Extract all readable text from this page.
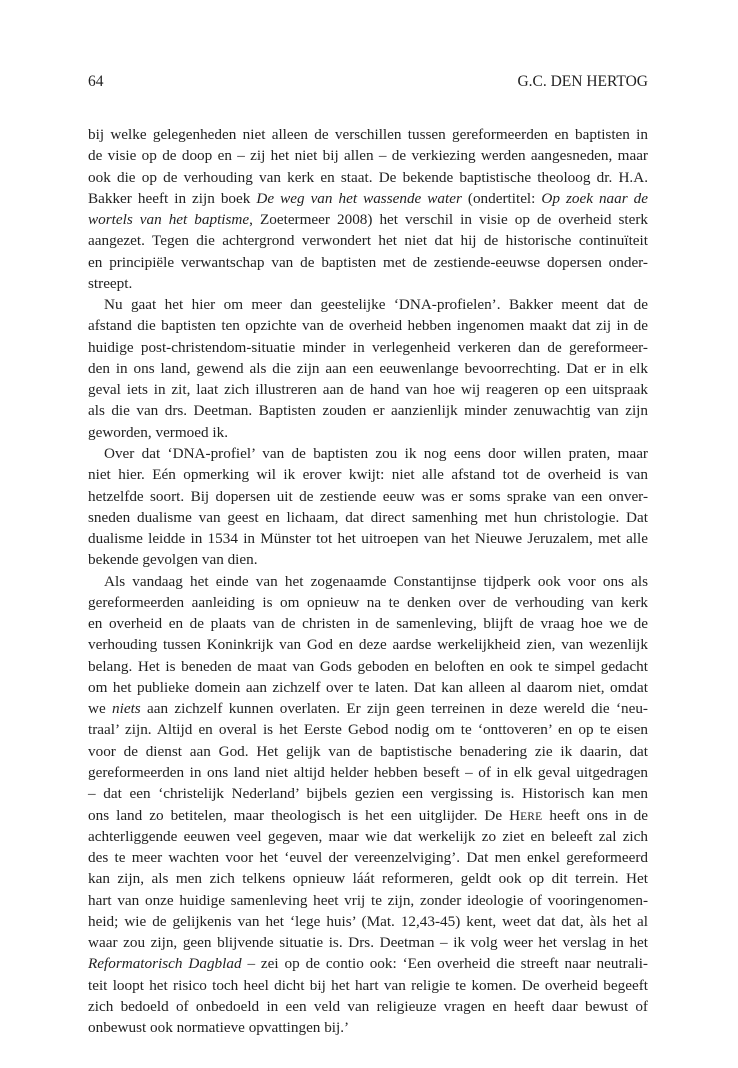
64	G.C. DEN HERTOG
bij welke gelegenheden niet alleen de verschillen tussen gereformeerden en baptisten in
de visie op de doop en – zij het niet bij allen – de verkiezing werden aangesneden, maar
ook die op de verhouding van kerk en staat. De bekende baptistische theoloog dr. H.A.
Bakker heeft in zijn boek De weg van het wassende water (ondertitel: Op zoek naar de
wortels van het baptisme, Zoetermeer 2008) het verschil in visie op de overheid sterk
aangezet. Tegen die achtergrond verwondert het niet dat hij de historische continuïteit
en principiële verwantschap van de baptisten met de zestiende-eeuwse dopersen onder-
streept.
Nu gaat het hier om meer dan geestelijke ‘DNA-profielen’. Bakker meent dat de
afstand die baptisten ten opzichte van de overheid hebben ingenomen maakt dat zij in de
huidige post-christendom-situatie minder in verlegenheid verkeren dan de gereformeer-
den in ons land, gewend als die zijn aan een eeuwenlange bevoorrechting. Dat er in elk
geval iets in zit, laat zich illustreren aan de hand van hoe wij reageren op een uitspraak
als die van drs. Deetman. Baptisten zouden er aanzienlijk minder zenuwachtig van zijn
geworden, vermoed ik.
Over dat ‘DNA-profiel’ van de baptisten zou ik nog eens door willen praten, maar
niet hier. Eén opmerking wil ik erover kwijt: niet alle afstand tot de overheid is van
hetzelfde soort. Bij dopersen uit de zestiende eeuw was er soms sprake van een onver-
sneden dualisme van geest en lichaam, dat direct samenhing met hun christologie. Dat
dualisme leidde in 1534 in Münster tot het uitroepen van het Nieuwe Jeruzalem, met alle
bekende gevolgen van dien.
Als vandaag het einde van het zogenaamde Constantijnse tijdperk ook voor ons als
gereformeerden aanleiding is om opnieuw na te denken over de verhouding van kerk
en overheid en de plaats van de christen in de samenleving, blijft de vraag hoe we de
verhouding tussen Koninkrijk van God en deze aardse werkelijkheid zien, van wezenlijk
belang. Het is beneden de maat van Gods geboden en beloften en ook te simpel gedacht
om het publieke domein aan zichzelf over te laten. Dat kan alleen al daarom niet, omdat
we niets aan zichzelf kunnen overlaten. Er zijn geen terreinen in deze wereld die ‘neu-
traal’ zijn. Altijd en overal is het Eerste Gebod nodig om te ‘onttoveren’ en op te eisen
voor de dienst aan God. Het gelijk van de baptistische benadering zie ik daarin, dat
gereformeerden in ons land niet altijd helder hebben beseft – of in elk geval uitgedragen
– dat een ‘christelijk Nederland’ bijbels gezien een vergissing is. Historisch kan men
ons land zo betitelen, maar theologisch is het een uitglijder. De HERE heeft ons in de
achterliggende eeuwen veel gegeven, maar wie dat werkelijk zo ziet en beleeft zal zich
des te meer wachten voor het ‘euvel der vereenzelviging’. Dat men enkel gereformeerd
kan zijn, als men zich telkens opnieuw láát reformeren, geldt ook op dit terrein. Het
hart van onze huidige samenleving heet vrij te zijn, zonder ideologie of vooringenomen-
heid; wie de gelijkenis van het ‘lege huis’ (Mat. 12,43-45) kent, weet dat dat, àls het al
waar zou zijn, geen blijvende situatie is. Drs. Deetman – ik volg weer het verslag in het
Reformatorisch Dagblad – zei op de contio ook: ‘Een overheid die streeft naar neutrali-
teit loopt het risico toch heel dicht bij het hart van religie te komen. De overheid begeeft
zich bedoeld of onbedoeld in een veld van religieuze vragen en heeft daar bewust of
onbewust ook normatieve opvattingen bij.’
